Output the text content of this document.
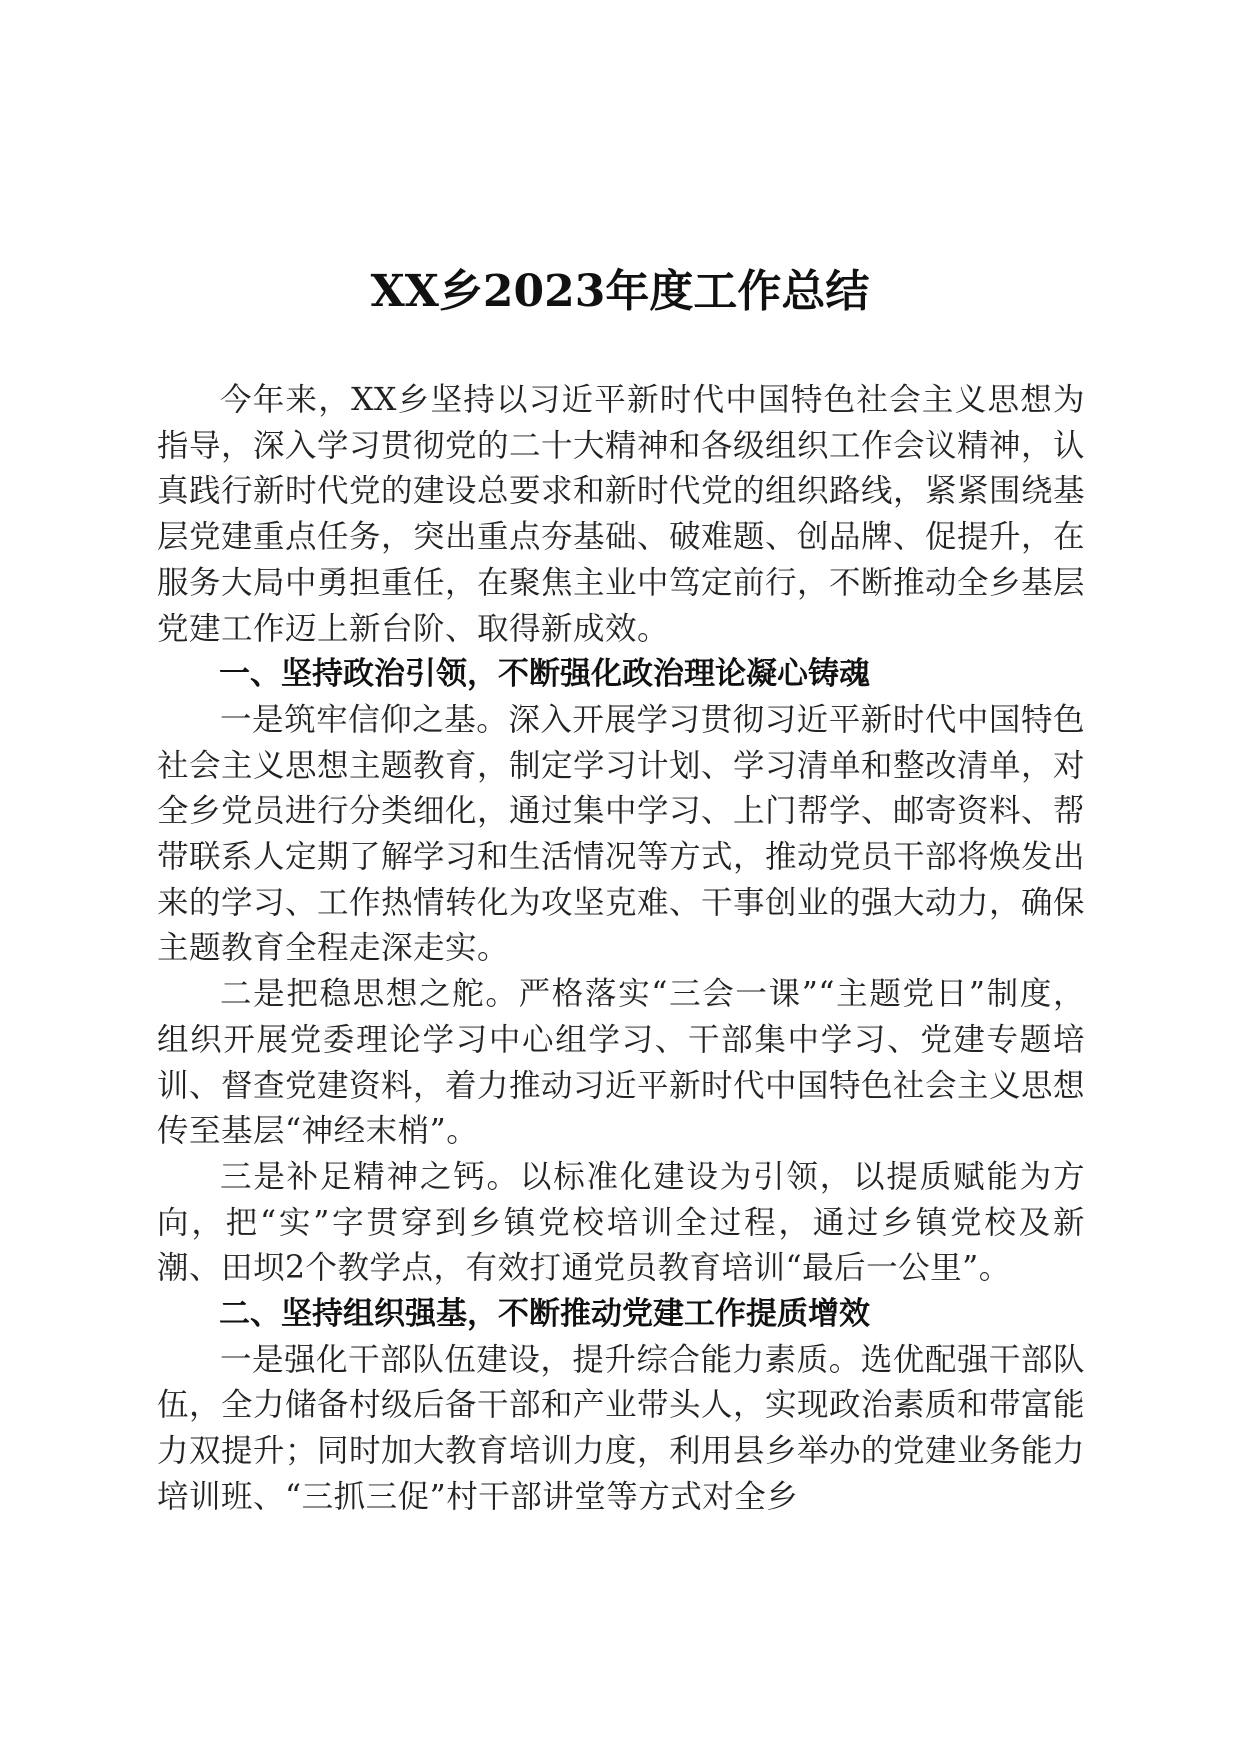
XX乡2023年度工作总结

今年来，XX乡坚持以习近平新时代中国特色社会主义思想为指导，深入学习贯彻党的二十大精神和各级组织工作会议精神，认真践行新时代党的建设总要求和新时代党的组织路线，紧紧围绕基层党建重点任务，突出重点夯基础、破难题、创品牌、促提升，在服务大局中勇担重任，在聚焦主业中笃定前行，不断推动全乡基层党建工作迈上新台阶、取得新成效。

一、坚持政治引领，不断强化政治理论凝心铸魂

一是筑牢信仰之基。深入开展学习贯彻习近平新时代中国特色社会主义思想主题教育，制定学习计划、学习清单和整改清单，对全乡党员进行分类细化，通过集中学习、上门帮学、邮寄资料、帮带联系人定期了解学习和生活情况等方式，推动党员干部将焕发出来的学习、工作热情转化为攻坚克难、干事创业的强大动力，确保主题教育全程走深走实。

二是把稳思想之舵。严格落实“三会一课”“主题党日”制度，组织开展党委理论学习中心组学习、干部集中学习、党建专题培训、督查党建资料，着力推动习近平新时代中国特色社会主义思想传至基层“神经末梢”。

三是补足精神之钙。以标准化建设为引领，以提质赋能为方向，把“实”字贯穿到乡镇党校培训全过程，通过乡镇党校及新潮、田坝2个教学点，有效打通党员教育培训“最后一公里”。

二、坚持组织强基，不断推动党建工作提质增效

一是强化干部队伍建设，提升综合能力素质。选优配强干部队伍，全力储备村级后备干部和产业带头人，实现政治素质和带富能力双提升；同时加大教育培训力度，利用县乡举办的党建业务能力培训班、“三抓三促”村干部讲堂等方式对全乡
